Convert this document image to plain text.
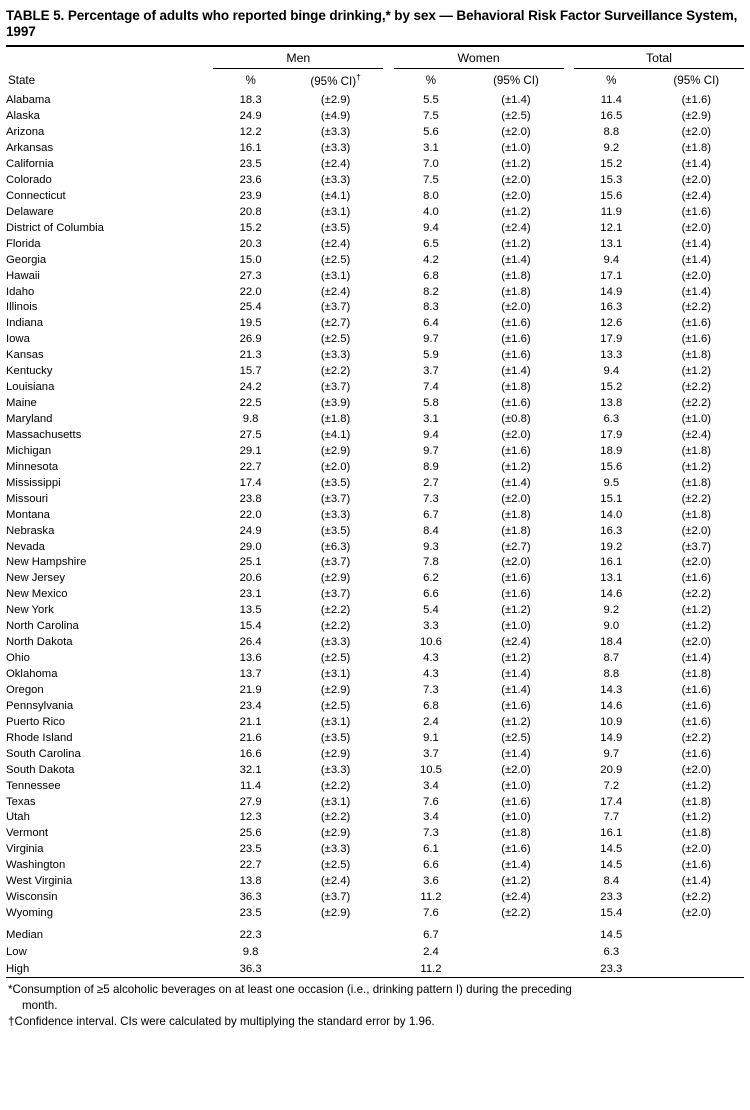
TABLE 5. Percentage of adults who reported binge drinking,* by sex — Behavioral Risk Factor Surveillance System, 1997

	Men			Women			Total	

State	%	(95% CI)†		%	(95% CI)		%	(95% CI)
Alabama	18.3	(±2.9)		5.5	(±1.4)		11.4	(±1.6)
Alaska	24.9	(±4.9)		7.5	(±2.5)		16.5	(±2.9)
Arizona	12.2	(±3.3)		5.6	(±2.0)		8.8	(±2.0)
Arkansas	16.1	(±3.3)		3.1	(±1.0)		9.2	(±1.8)
California	23.5	(±2.4)		7.0	(±1.2)		15.2	(±1.4)
Colorado	23.6	(±3.3)		7.5	(±2.0)		15.3	(±2.0)
Connecticut	23.9	(±4.1)		8.0	(±2.0)		15.6	(±2.4)
Delaware	20.8	(±3.1)		4.0	(±1.2)		11.9	(±1.6)
District of Columbia	15.2	(±3.5)		9.4	(±2.4)		12.1	(±2.0)
Florida	20.3	(±2.4)		6.5	(±1.2)		13.1	(±1.4)
Georgia	15.0	(±2.5)		4.2	(±1.4)		9.4	(±1.4)
Hawaii	27.3	(±3.1)		6.8	(±1.8)		17.1	(±2.0)
Idaho	22.0	(±2.4)		8.2	(±1.8)		14.9	(±1.4)
Illinois	25.4	(±3.7)		8.3	(±2.0)		16.3	(±2.2)
Indiana	19.5	(±2.7)		6.4	(±1.6)		12.6	(±1.6)
Iowa	26.9	(±2.5)		9.7	(±1.6)		17.9	(±1.6)
Kansas	21.3	(±3.3)		5.9	(±1.6)		13.3	(±1.8)
Kentucky	15.7	(±2.2)		3.7	(±1.4)		9.4	(±1.2)
Louisiana	24.2	(±3.7)		7.4	(±1.8)		15.2	(±2.2)
Maine	22.5	(±3.9)		5.8	(±1.6)		13.8	(±2.2)
Maryland	9.8	(±1.8)		3.1	(±0.8)		6.3	(±1.0)
Massachusetts	27.5	(±4.1)		9.4	(±2.0)		17.9	(±2.4)
Michigan	29.1	(±2.9)		9.7	(±1.6)		18.9	(±1.8)
Minnesota	22.7	(±2.0)		8.9	(±1.2)		15.6	(±1.2)
Mississippi	17.4	(±3.5)		2.7	(±1.4)		9.5	(±1.8)
Missouri	23.8	(±3.7)		7.3	(±2.0)		15.1	(±2.2)
Montana	22.0	(±3.3)		6.7	(±1.8)		14.0	(±1.8)
Nebraska	24.9	(±3.5)		8.4	(±1.8)		16.3	(±2.0)
Nevada	29.0	(±6.3)		9.3	(±2.7)		19.2	(±3.7)
New Hampshire	25.1	(±3.7)		7.8	(±2.0)		16.1	(±2.0)
New Jersey	20.6	(±2.9)		6.2	(±1.6)		13.1	(±1.6)
New Mexico	23.1	(±3.7)		6.6	(±1.6)		14.6	(±2.2)
New York	13.5	(±2.2)		5.4	(±1.2)		9.2	(±1.2)
North Carolina	15.4	(±2.2)		3.3	(±1.0)		9.0	(±1.2)
North Dakota	26.4	(±3.3)		10.6	(±2.4)		18.4	(±2.0)
Ohio	13.6	(±2.5)		4.3	(±1.2)		8.7	(±1.4)
Oklahoma	13.7	(±3.1)		4.3	(±1.4)		8.8	(±1.8)
Oregon	21.9	(±2.9)		7.3	(±1.4)		14.3	(±1.6)
Pennsylvania	23.4	(±2.5)		6.8	(±1.6)		14.6	(±1.6)
Puerto Rico	21.1	(±3.1)		2.4	(±1.2)		10.9	(±1.6)
Rhode Island	21.6	(±3.5)		9.1	(±2.5)		14.9	(±2.2)
South Carolina	16.6	(±2.9)		3.7	(±1.4)		9.7	(±1.6)
South Dakota	32.1	(±3.3)		10.5	(±2.0)		20.9	(±2.0)
Tennessee	11.4	(±2.2)		3.4	(±1.0)		7.2	(±1.2)
Texas	27.9	(±3.1)		7.6	(±1.6)		17.4	(±1.8)
Utah	12.3	(±2.2)		3.4	(±1.0)		7.7	(±1.2)
Vermont	25.6	(±2.9)		7.3	(±1.8)		16.1	(±1.8)
Virginia	23.5	(±3.3)		6.1	(±1.6)		14.5	(±2.0)
Washington	22.7	(±2.5)		6.6	(±1.4)		14.5	(±1.6)
West Virginia	13.8	(±2.4)		3.6	(±1.2)		8.4	(±1.4)
Wisconsin	36.3	(±3.7)		11.2	(±2.4)		23.3	(±2.2)
Wyoming	23.5	(±2.9)		7.6	(±2.2)		15.4	(±2.0)

Median	22.3			6.7			14.5	
Low	9.8			2.4			6.3	
High	36.3			11.2			23.3	
*Consumption of ≥5 alcoholic beverages on at least one occasion (i.e., drinking pattern I) during the preceding
month.
†Confidence interval. CIs were calculated by multiplying the standard error by 1.96.
